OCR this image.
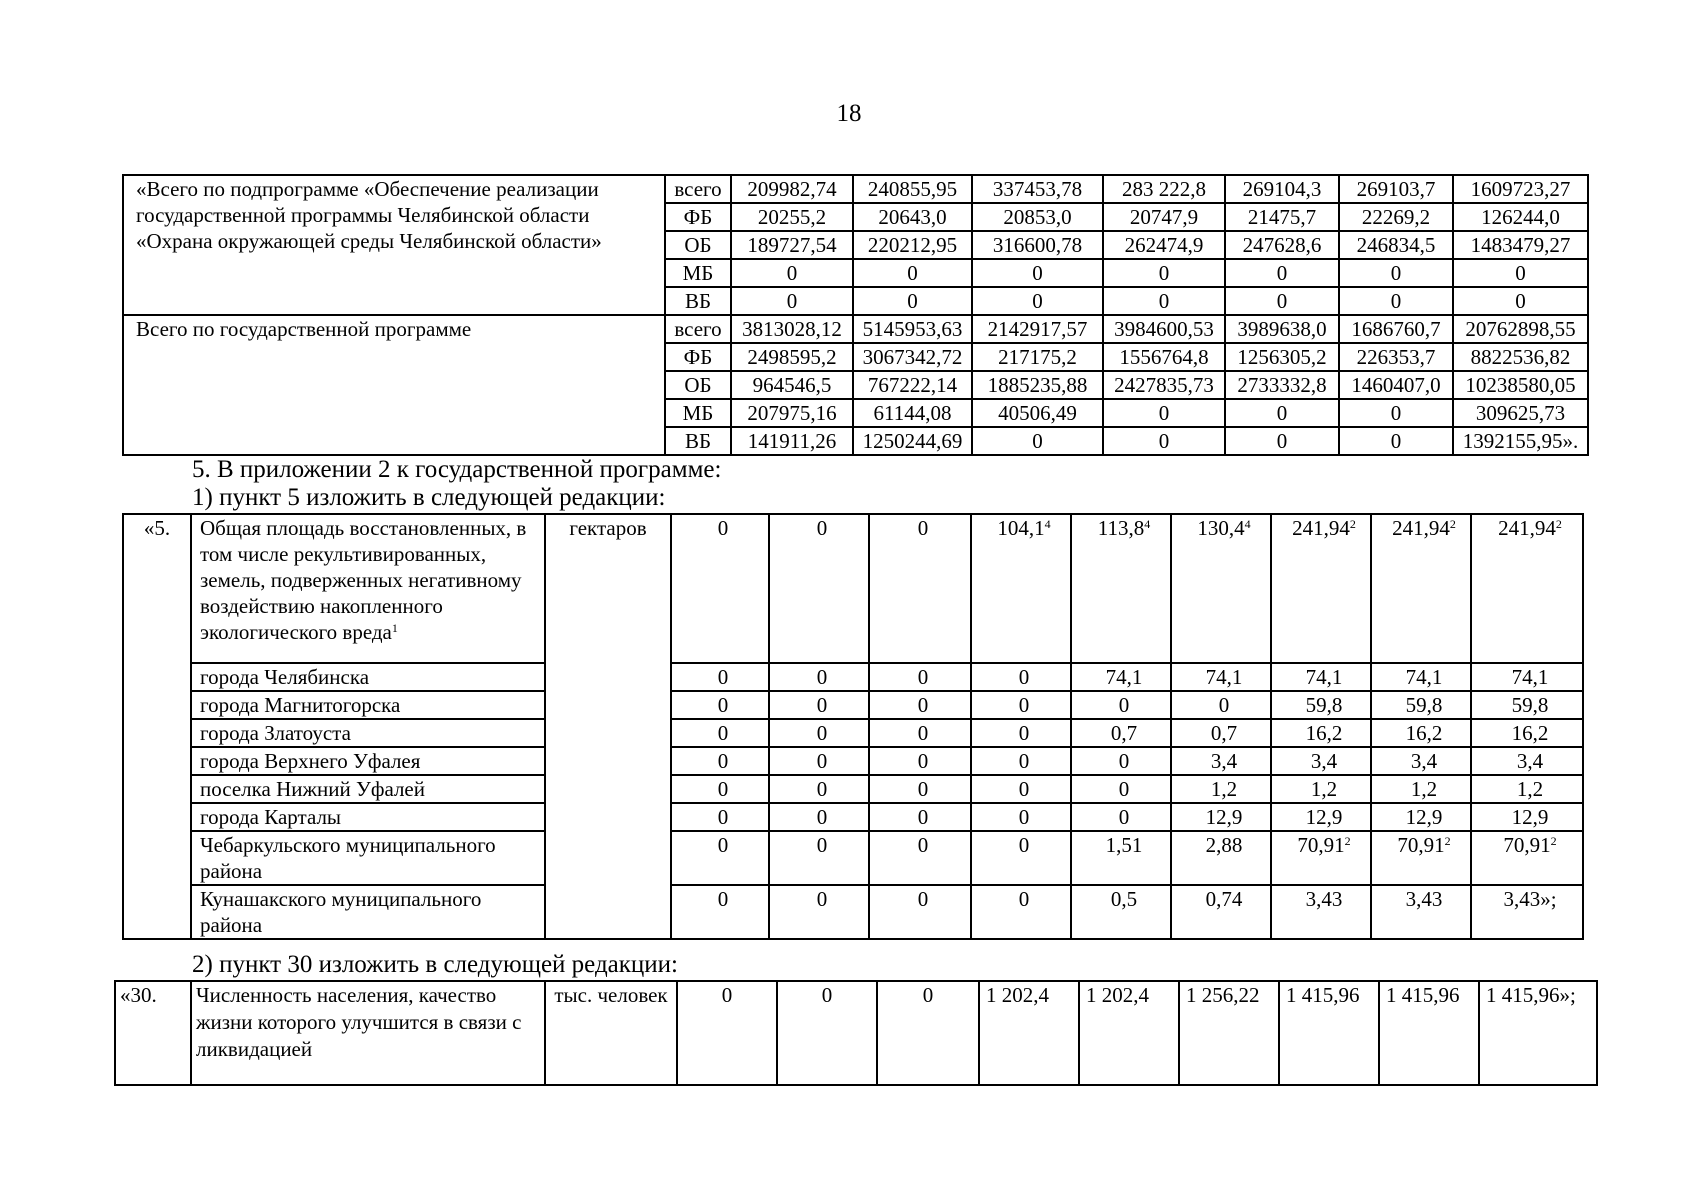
18
«Всего по подпрограмме «Обеспечение реализации государственной программы Челябинской области «Охрана окружающей среды Челябинской области»	всего	209982,74	240855,95	337453,78	283 222,8	269104,3	269103,7	1609723,27
	ФБ	20255,2	20643,0	20853,0	20747,9	21475,7	22269,2	126244,0
	ОБ	189727,54	220212,95	316600,78	262474,9	247628,6	246834,5	1483479,27
	МБ	0	0	0	0	0	0	0
	ВБ	0	0	0	0	0	0	0
Всего по государственной программе	всего	3813028,12	5145953,63	2142917,57	3984600,53	3989638,0	1686760,7	20762898,55
	ФБ	2498595,2	3067342,72	217175,2	1556764,8	1256305,2	226353,7	8822536,82
	ОБ	964546,5	767222,14	1885235,88	2427835,73	2733332,8	1460407,0	10238580,05
	МБ	207975,16	61144,08	40506,49	0	0	0	309625,73
	ВБ	141911,26	1250244,69	0	0	0	0	1392155,95».
5. В приложении 2 к государственной программе:
1) пункт 5 изложить в следующей редакции:
«5.	Общая площадь восстановленных, в том числе рекультивированных, земель, подверженных негативному воздействию накопленного экологического вреда$^1$	гектаров	0	0	0	104,1$^4$	113,8$^4$	130,4$^4$	241,94$^2$	241,94$^2$	241,94$^2$
	города Челябинска		0	0	0	0	74,1	74,1	74,1	74,1	74,1
	города Магнитогорска		0	0	0	0	0	0	59,8	59,8	59,8
	города Златоуста		0	0	0	0	0,7	0,7	16,2	16,2	16,2
	города Верхнего Уфалея		0	0	0	0	0	3,4	3,4	3,4	3,4
	поселка Нижний Уфалей		0	0	0	0	0	1,2	1,2	1,2	1,2
	города Карталы		0	0	0	0	0	12,9	12,9	12,9	12,9
	Чебаркульского муниципального района		0	0	0	0	1,51	2,88	70,91$^2$	70,91$^2$	70,91$^2$
	Кунашакского муниципального района		0	0	0	0	0,5	0,74	3,43	3,43	3,43»;
2) пункт 30 изложить в следующей редакции:
«30.	Численность населения, качество жизни которого улучшится в связи с ликвидацией	тыс. человек	0	0	0	1 202,4	1 202,4	1 256,22	1 415,96	1 415,96	1 415,96»;
